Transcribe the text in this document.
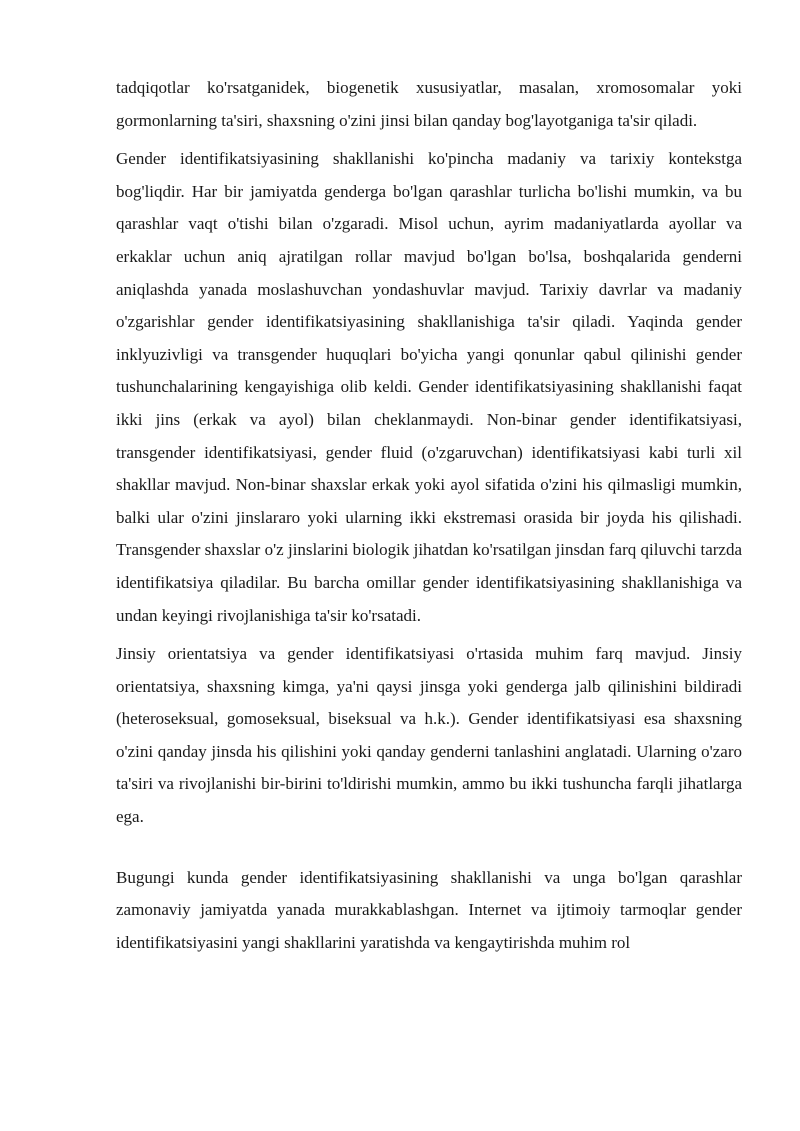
tadqiqotlar ko'rsatganidek, biogenetik xususiyatlar, masalan, xromosomalar yoki gormonlarning ta'siri, shaxsning o'zini jinsi bilan qanday bog'layotganiga ta'sir qiladi.

Gender identifikatsiyasining shakllanishi ko'pincha madaniy va tarixiy kontekstga bog'liqdir. Har bir jamiyatda genderga bo'lgan qarashlar turlicha bo'lishi mumkin, va bu qarashlar vaqt o'tishi bilan o'zgaradi. Misol uchun, ayrim madaniyatlarda ayollar va erkaklar uchun aniq ajratilgan rollar mavjud bo'lgan bo'lsa, boshqalarida genderni aniqlashda yanada moslashuvchan yondashuvlar mavjud. Tarixiy davrlar va madaniy o'zgarishlar gender identifikatsiyasining shakllanishiga ta'sir qiladi. Yaqinda gender inklyuzivligi va transgender huquqlari bo'yicha yangi qonunlar qabul qilinishi gender tushunchalarining kengayishiga olib keldi. Gender identifikatsiyasining shakllanishi faqat ikki jins (erkak va ayol) bilan cheklanmaydi. Non-binar gender identifikatsiyasi, transgender identifikatsiyasi, gender fluid (o'zgaruvchan) identifikatsiyasi kabi turli xil shakllar mavjud. Non-binar shaxslar erkak yoki ayol sifatida o'zini his qilmasligi mumkin, balki ular o'zini jinslararo yoki ularning ikki ekstremasi orasida bir joyda his qilishadi. Transgender shaxslar o'z jinslarini biologik jihatdan ko'rsatilgan jinsdan farq qiluvchi tarzda identifikatsiya qiladilar. Bu barcha omillar gender identifikatsiyasining shakllanishiga va undan keyingi rivojlanishiga ta'sir ko'rsatadi.

Jinsiy orientatsiya va gender identifikatsiyasi o'rtasida muhim farq mavjud. Jinsiy orientatsiya, shaxsning kimga, ya'ni qaysi jinsga yoki genderga jalb qilinishini bildiradi (heteroseksual, gomoseksual, biseksual va h.k.). Gender identifikatsiyasi esa shaxsning o'zini qanday jinsda his qilishini yoki qanday genderni tanlashini anglatadi. Ularning o'zaro ta'siri va rivojlanishi bir-birini to'ldirishi mumkin, ammo bu ikki tushuncha farqli jihatlarga ega.

Bugungi kunda gender identifikatsiyasining shakllanishi va unga bo'lgan qarashlar zamonaviy jamiyatda yanada murakkablashgan. Internet va ijtimoiy tarmoqlar gender identifikatsiyasini yangi shakllarini yaratishda va kengaytirishda muhim rol
